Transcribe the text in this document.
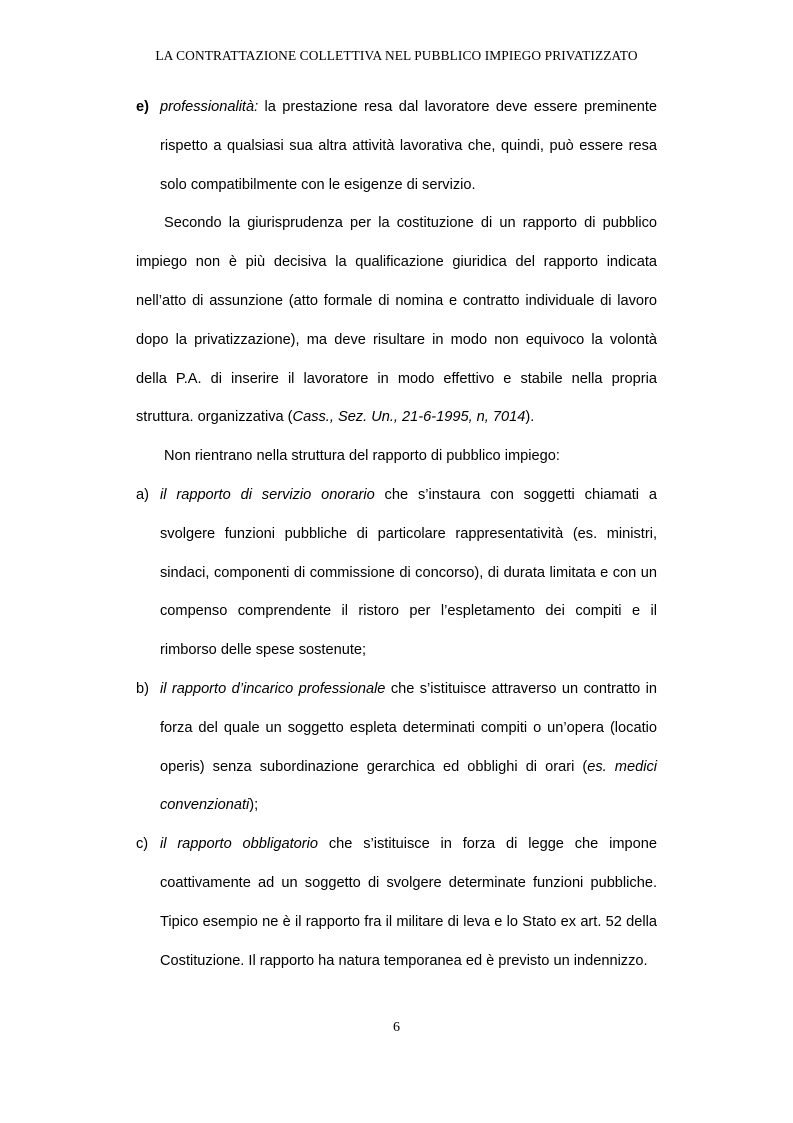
LA CONTRATTAZIONE COLLETTIVA NEL PUBBLICO IMPIEGO PRIVATIZZATO
e) professionalità: la prestazione resa dal lavoratore deve essere preminente rispetto a qualsiasi sua altra attività lavorativa che, quindi, può essere resa solo compatibilmente con le esigenze di servizio.

Secondo la giurisprudenza per la costituzione di un rapporto di pubblico impiego non è più decisiva la qualificazione giuridica del rapporto indicata nell’atto di assunzione (atto formale di nomina e contratto individuale di lavoro dopo la privatizzazione), ma deve risultare in modo non equivoco la volontà della P.A. di inserire il lavoratore in modo effettivo e stabile nella propria struttura. organizzativa (Cass., Sez. Un., 21-6-1995, n, 7014).

Non rientrano nella struttura del rapporto di pubblico impiego:

a) il rapporto di servizio onorario che s’instaura con soggetti chiamati a svolgere funzioni pubbliche di particolare rappresentatività (es. ministri, sindaci, componenti di commissione di concorso), di durata limitata e con un compenso comprendente il ristoro per l’espletamento dei compiti e il rimborso delle spese sostenute;
b) il rapporto d’incarico professionale che s’istituisce attraverso un contratto in forza del quale un soggetto espleta determinati compiti o un’opera (locatio operis) senza subordinazione gerarchica ed obblighi di orari (es. medici convenzionati);
c) il rapporto obbligatorio che s’istituisce in forza di legge che impone coattivamente ad un soggetto di svolgere determinate funzioni pubbliche. Tipico esempio ne è il rapporto fra il militare di leva e lo Stato ex art. 52 della Costituzione. Il rapporto ha natura temporanea ed è previsto un indennizzo.
6
